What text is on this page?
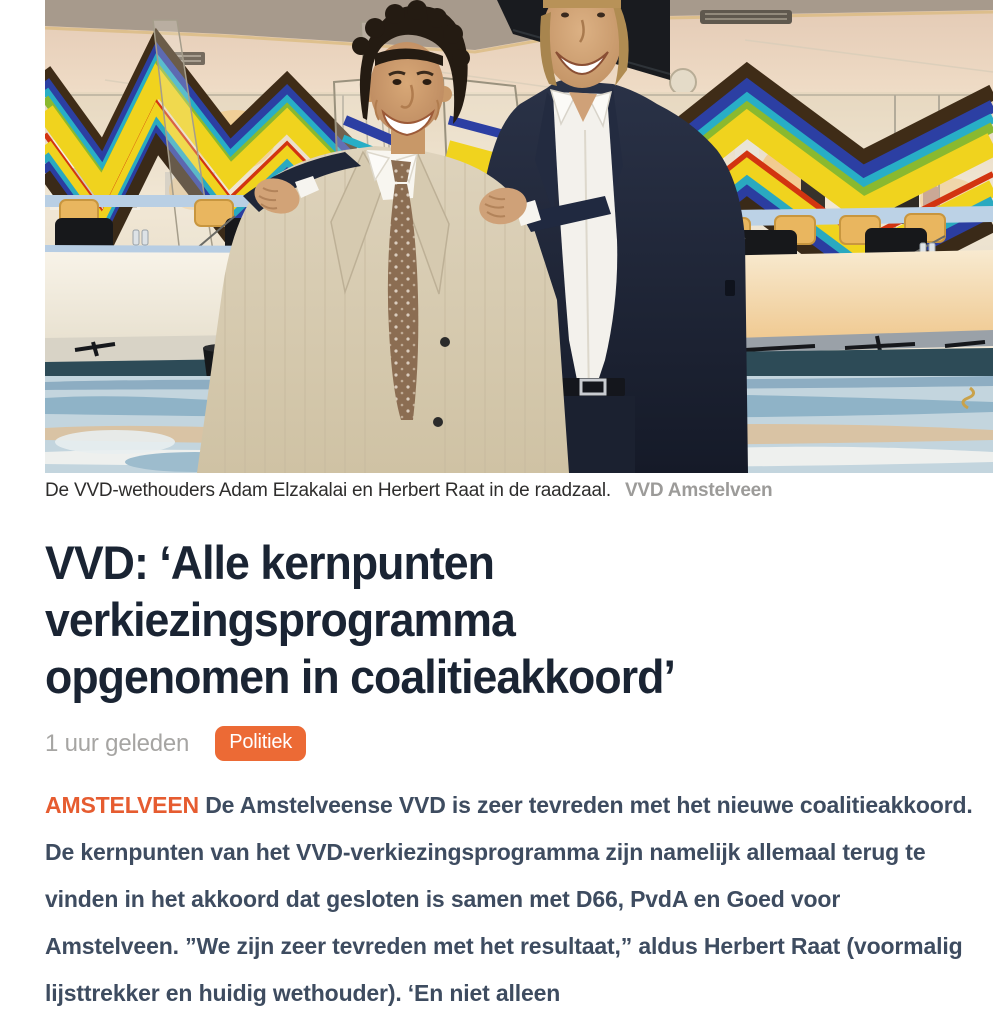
De VVD-wethouders Adam Elzakalai en Herbert Raat in de raadzaal. VVD Amstelveen
VVD: ‘Alle kernpunten
verkiezingsprogramma
opgenomen in coalitieakkoord’
1 uur geleden	Politiek

AMSTELVEEN De Amstelveense VVD is zeer tevreden met het nieuwe coalitieakkoord. De kernpunten van het VVD-verkiezingsprogramma zijn namelijk allemaal terug te vinden in het akkoord dat gesloten is samen met D66, PvdA en Goed voor Amstelveen. ”We zijn zeer tevreden met het resultaat,” aldus Herbert Raat (voormalig lijsttrekker en huidig wethouder). ‘En niet alleen
